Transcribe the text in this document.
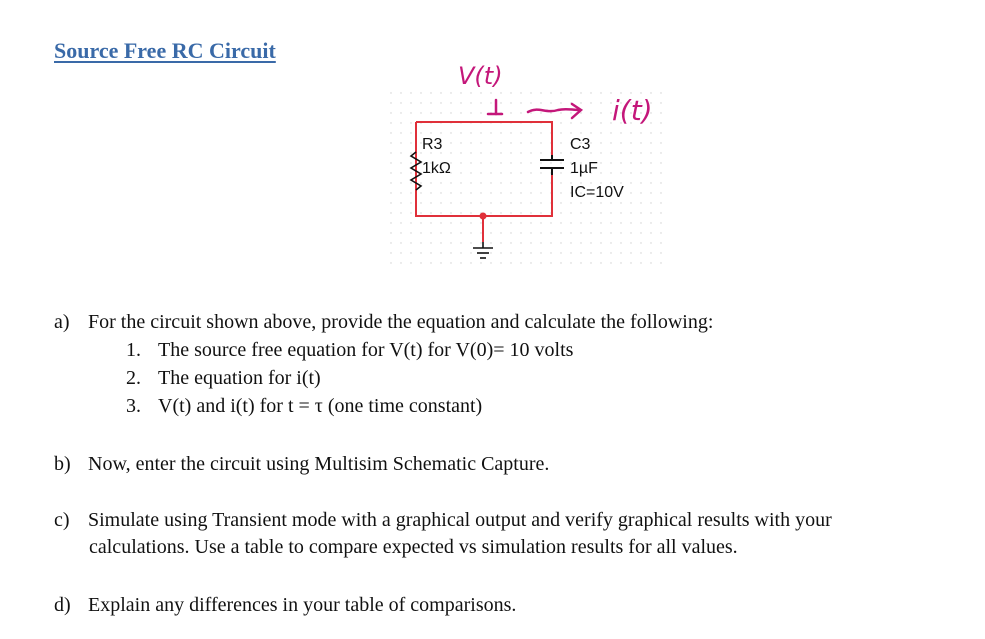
Source Free RC Circuit
V(t)
i(t)
R3
1kΩ
C3
1µF
IC=10V
a) For the circuit shown above, provide the equation and calculate the following:
1. The source free equation for V(t) for V(0)= 10 volts
2. The equation for i(t)
3. V(t) and i(t) for t = τ (one time constant)
b) Now, enter the circuit using Multisim Schematic Capture.
c) Simulate using Transient mode with a graphical output and verify graphical results with your
calculations. Use a table to compare expected vs simulation results for all values.
d) Explain any differences in your table of comparisons.
